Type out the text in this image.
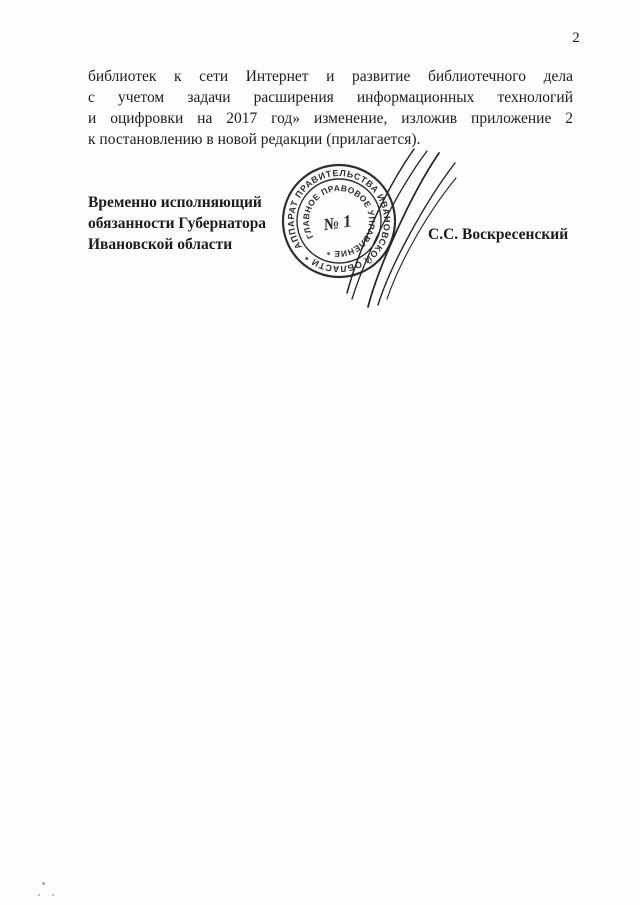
2
библиотек к сети Интернет и развитие библиотечного дела
с учетом задачи расширения информационных технологий
и оцифровки на 2017 год» изменение, изложив приложение 2
к постановлению в новой редакции (прилагается).
Временно исполняющий
обязанности Губернатора
Ивановской области	АППАРАТ ПРАВИТЕЛЬСТВА ИВАНОВСКОЙ ОБЛАСТИ *
ГЛАВНОЕ ПРАВОВОЕ УПРАВЛЕНИЕ *
№ 1
С.С. Воскресенский
